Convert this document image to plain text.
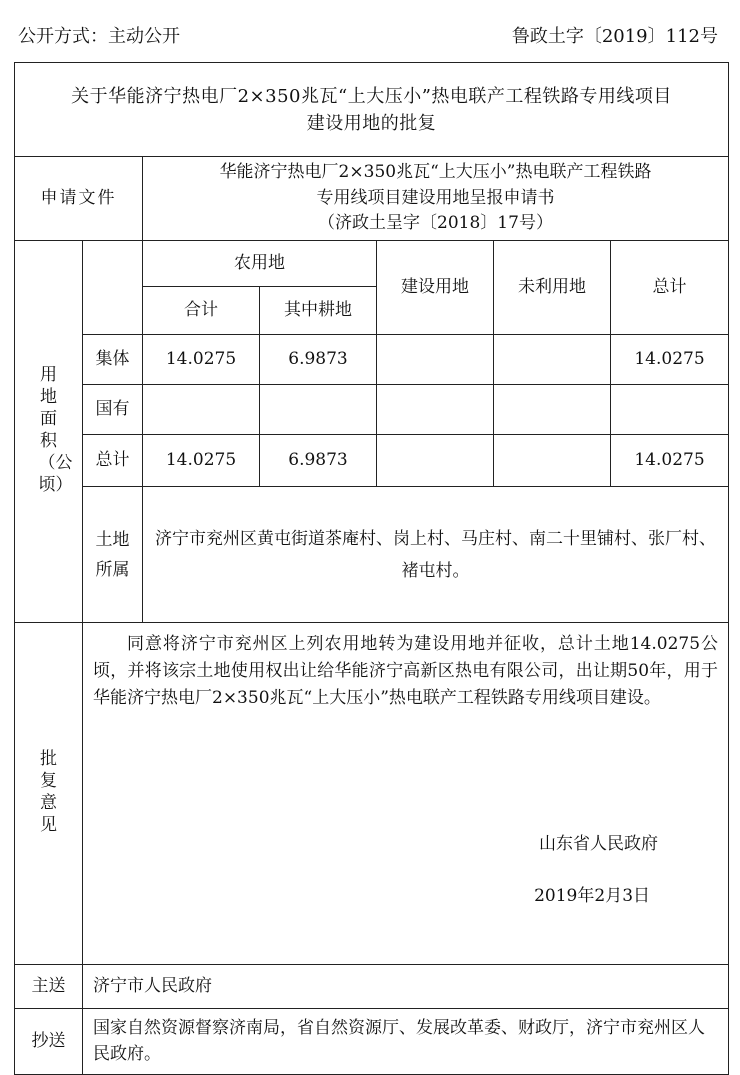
公开方式：主动公开	鲁政土字〔2019〕112号
关于华能济宁热电厂2×350兆瓦“上大压小”热电联产工程铁路专用线项目
建设用地的批复						

申请文件		华能济宁热电厂2×350兆瓦“上大压小”热电联产工程铁路
专用线项目建设用地呈报申请书
（济政土呈字〔2018〕17号）				

用地面积（公顷）		农用地		建设用地	未利用地	总计
		合计	其中耕地			
	集体	14.0275	6.9873			14.0275
	国有					
	总计	14.0275	6.9873			14.0275
	土地所属	济宁市兖州区黄屯街道茶庵村、岗上村、马庄村、南二十里铺村、张厂村、褚屯村。				
批复意见	同意将济宁市兖州区上列农用地转为建设用地并征收，总计土地14.0275公顷，并将该宗土地使用权出让给华能济宁高新区热电有限公司，出让期50年，用于华能济宁热电厂2×350兆瓦“上大压小”热电联产工程铁路专用线项目建设。
山东省人民政府
2019年2月3日					

主送	济宁市人民政府					
抄送	国家自然资源督察济南局，省自然资源厅、发展改革委、财政厅，济宁市兖州区人民政府。					
